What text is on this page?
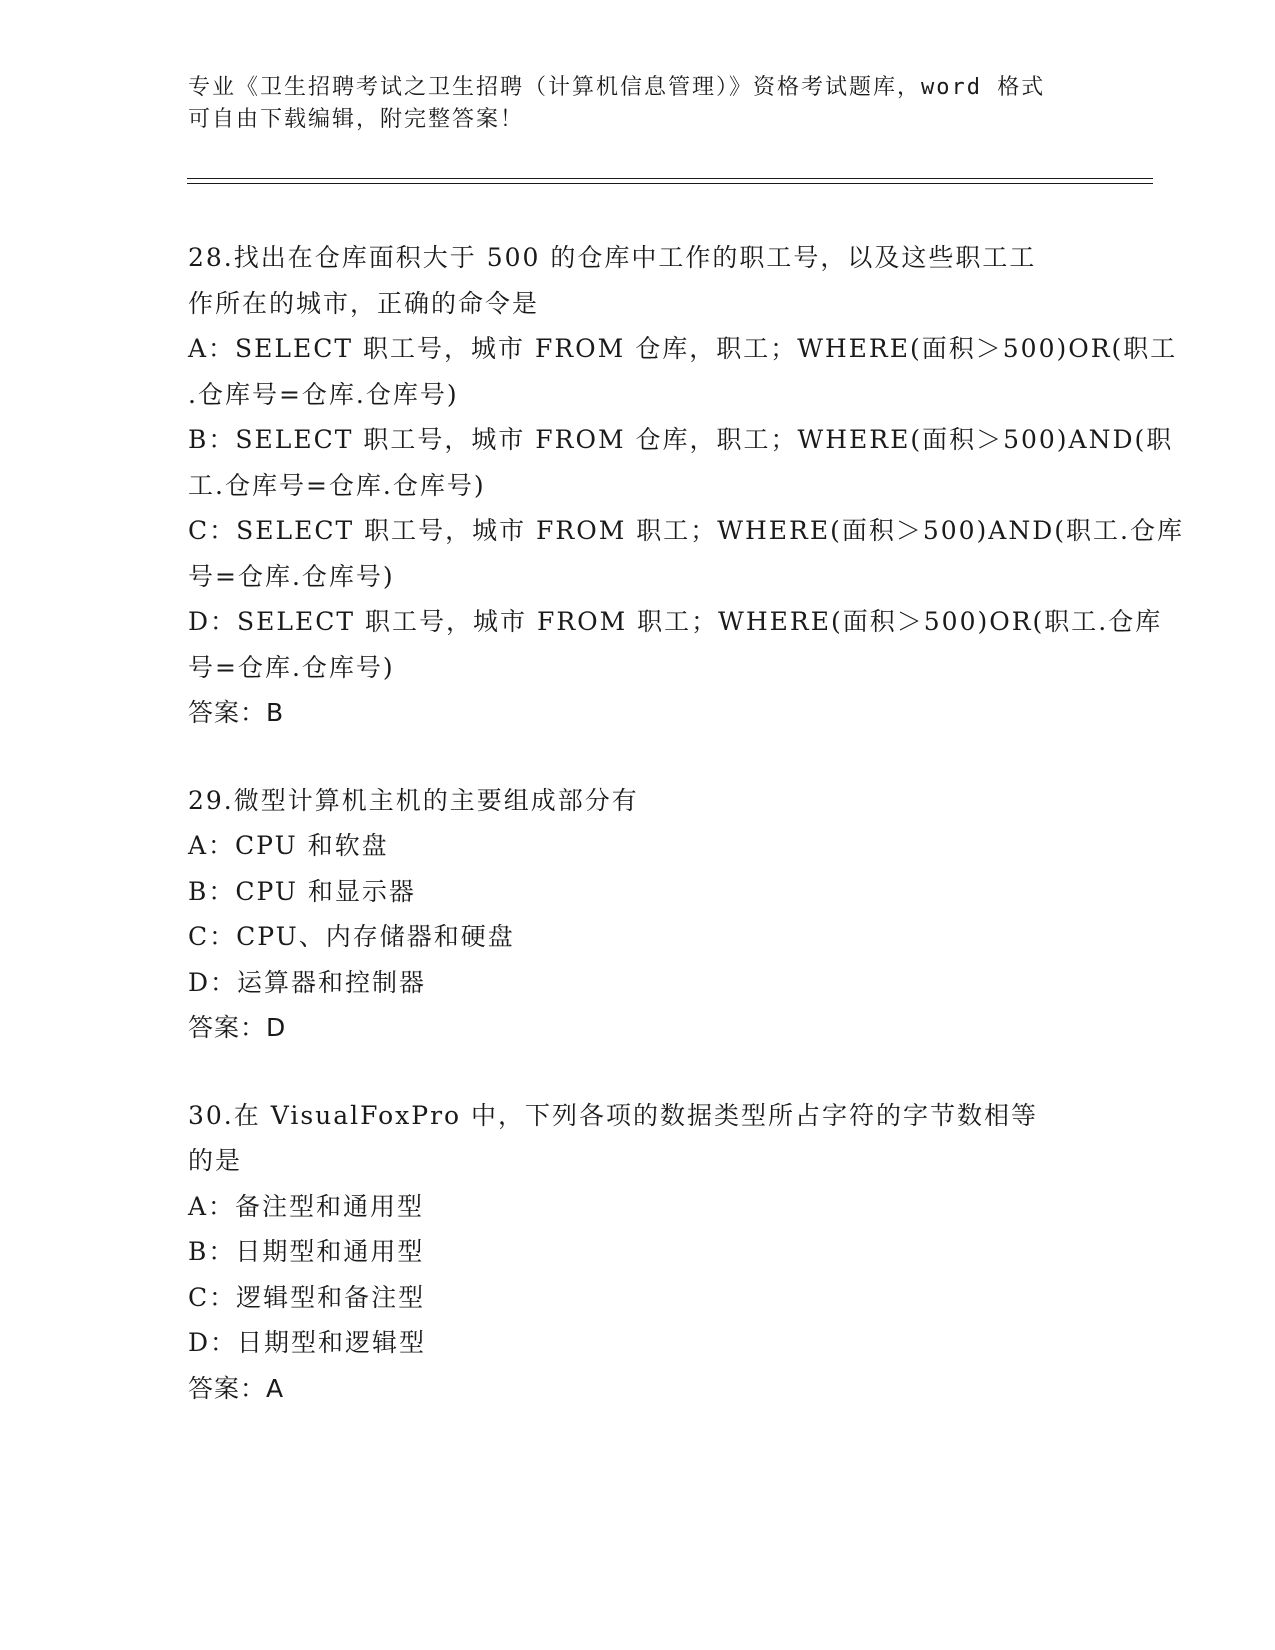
专业《卫生招聘考试之卫生招聘（计算机信息管理）》资格考试题库，word 格式
可自由下载编辑，附完整答案！
28.找出在仓库面积大于 500 的仓库中工作的职工号，以及这些职工工
作所在的城市，正确的命令是
A：SELECT 职工号，城市 FROM 仓库，职工；WHERE(面积＞500)OR(职工
.仓库号=仓库.仓库号)
B：SELECT 职工号，城市 FROM 仓库，职工；WHERE(面积＞500)AND(职
工.仓库号=仓库.仓库号)
C：SELECT 职工号，城市 FROM 职工；WHERE(面积＞500)AND(职工.仓库
号=仓库.仓库号)
D：SELECT 职工号，城市 FROM 职工；WHERE(面积＞500)OR(职工.仓库
号=仓库.仓库号)
答案：B
29.微型计算机主机的主要组成部分有
A：CPU 和软盘
B：CPU 和显示器
C：CPU、内存储器和硬盘
D：运算器和控制器
答案：D
30.在 VisualFoxPro 中，下列各项的数据类型所占字符的字节数相等
的是
A：备注型和通用型
B：日期型和通用型
C：逻辑型和备注型
D：日期型和逻辑型
答案：A
